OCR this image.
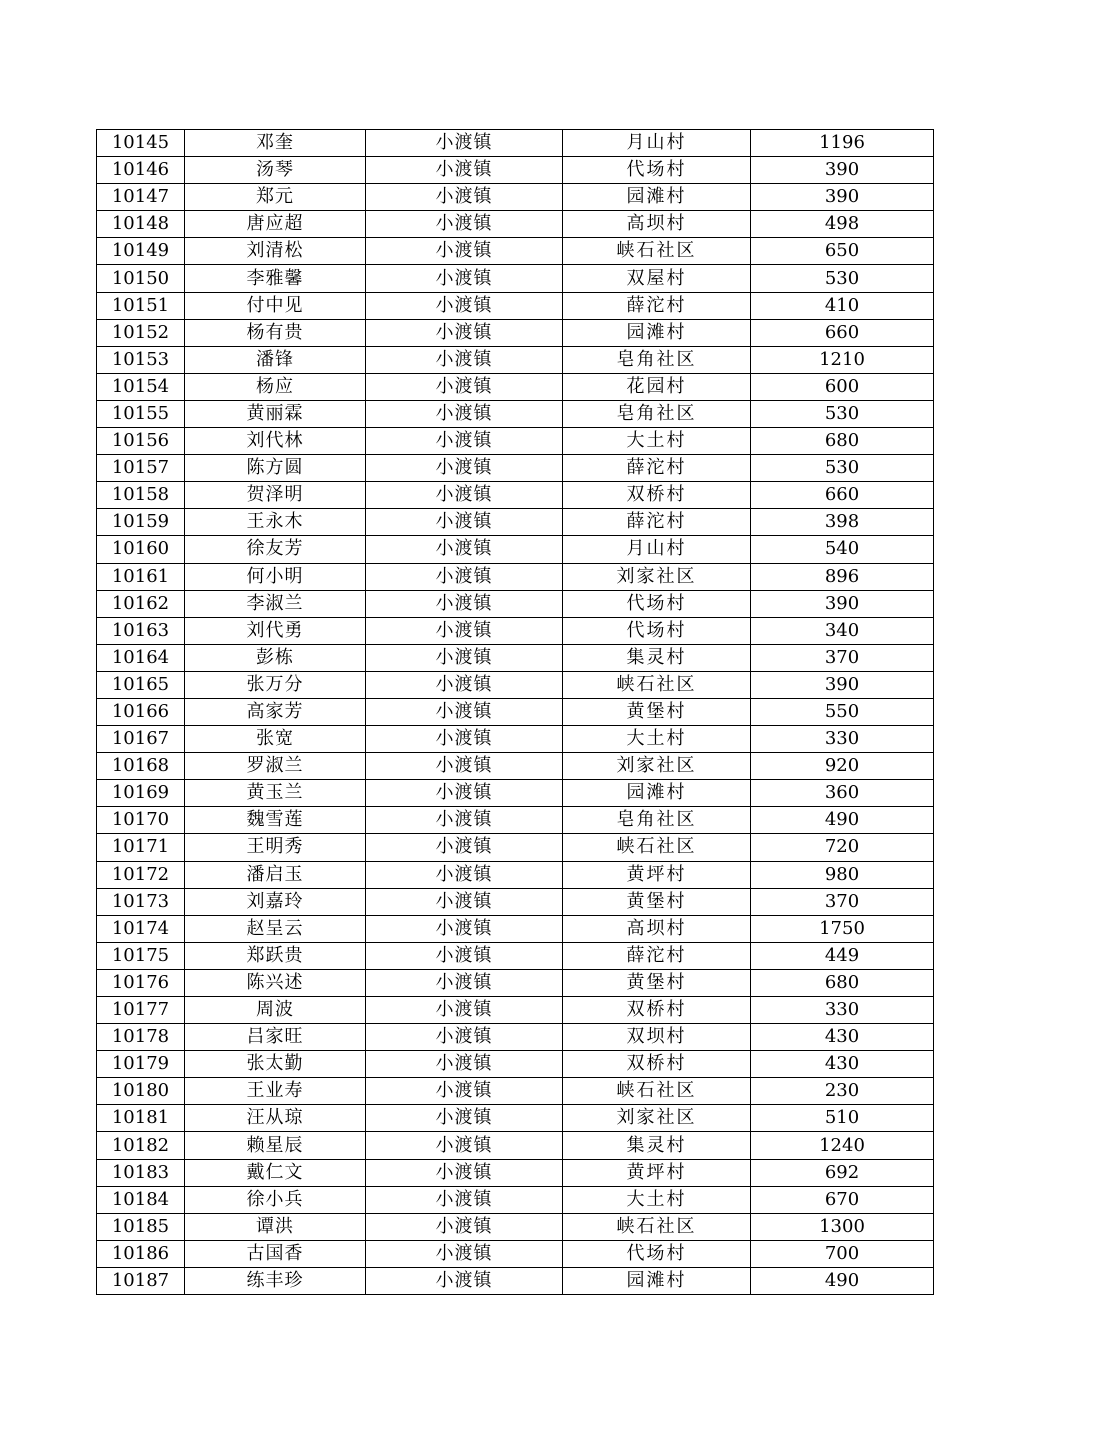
10145	邓奎	小渡镇	月山村	1196
10146	汤琴	小渡镇	代场村	390
10147	郑元	小渡镇	园滩村	390
10148	唐应超	小渡镇	高坝村	498
10149	刘清松	小渡镇	峡石社区	650
10150	李雅馨	小渡镇	双屋村	530
10151	付中见	小渡镇	薛沱村	410
10152	杨有贵	小渡镇	园滩村	660
10153	潘锋	小渡镇	皂角社区	1210
10154	杨应	小渡镇	花园村	600
10155	黄丽霖	小渡镇	皂角社区	530
10156	刘代林	小渡镇	大土村	680
10157	陈方圆	小渡镇	薛沱村	530
10158	贺泽明	小渡镇	双桥村	660
10159	王永木	小渡镇	薛沱村	398
10160	徐友芳	小渡镇	月山村	540
10161	何小明	小渡镇	刘家社区	896
10162	李淑兰	小渡镇	代场村	390
10163	刘代勇	小渡镇	代场村	340
10164	彭栋	小渡镇	集灵村	370
10165	张万分	小渡镇	峡石社区	390
10166	高家芳	小渡镇	黄堡村	550
10167	张宽	小渡镇	大土村	330
10168	罗淑兰	小渡镇	刘家社区	920
10169	黄玉兰	小渡镇	园滩村	360
10170	魏雪莲	小渡镇	皂角社区	490
10171	王明秀	小渡镇	峡石社区	720
10172	潘启玉	小渡镇	黄坪村	980
10173	刘嘉玲	小渡镇	黄堡村	370
10174	赵呈云	小渡镇	高坝村	1750
10175	郑跃贵	小渡镇	薛沱村	449
10176	陈兴述	小渡镇	黄堡村	680
10177	周波	小渡镇	双桥村	330
10178	吕家旺	小渡镇	双坝村	430
10179	张太勤	小渡镇	双桥村	430
10180	王业寿	小渡镇	峡石社区	230
10181	汪从琼	小渡镇	刘家社区	510
10182	赖星辰	小渡镇	集灵村	1240
10183	戴仁文	小渡镇	黄坪村	692
10184	徐小兵	小渡镇	大土村	670
10185	谭洪	小渡镇	峡石社区	1300
10186	古国香	小渡镇	代场村	700
10187	练丰珍	小渡镇	园滩村	490
